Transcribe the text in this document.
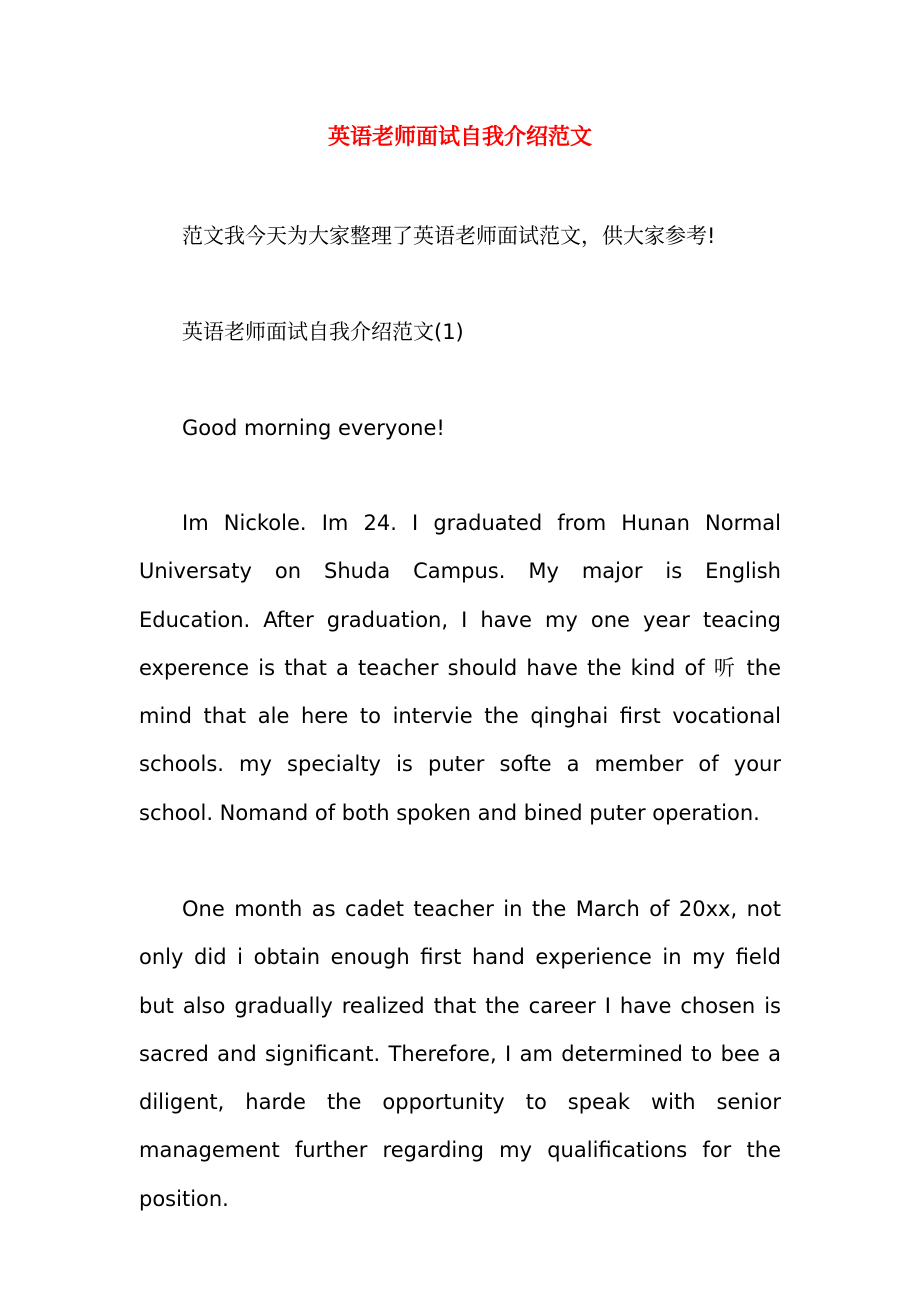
英语老师面试自我介绍范文

范文我今天为大家整理了英语老师面试范文，供大家参考!

英语老师面试自我介绍范文(1)

Good morning everyone!

Im Nickole. Im 24. I graduated from Hunan Normal Universaty on Shuda Campus. My major is English Education. After graduation, I have my one year teacing experence is that a teacher should have the kind of 听 the mind that ale here to intervie the qinghai first vocational schools. my specialty is puter softe a member of your school. Nomand of both spoken and bined puter operation.

One month as cadet teacher in the March of 20xx, not only did i obtain enough first hand experience in my field but also gradually realized that the career I have chosen is sacred and significant. Therefore, I am determined to bee a diligent, harde the opportunity to speak with senior management further regarding my qualifications for the position.
